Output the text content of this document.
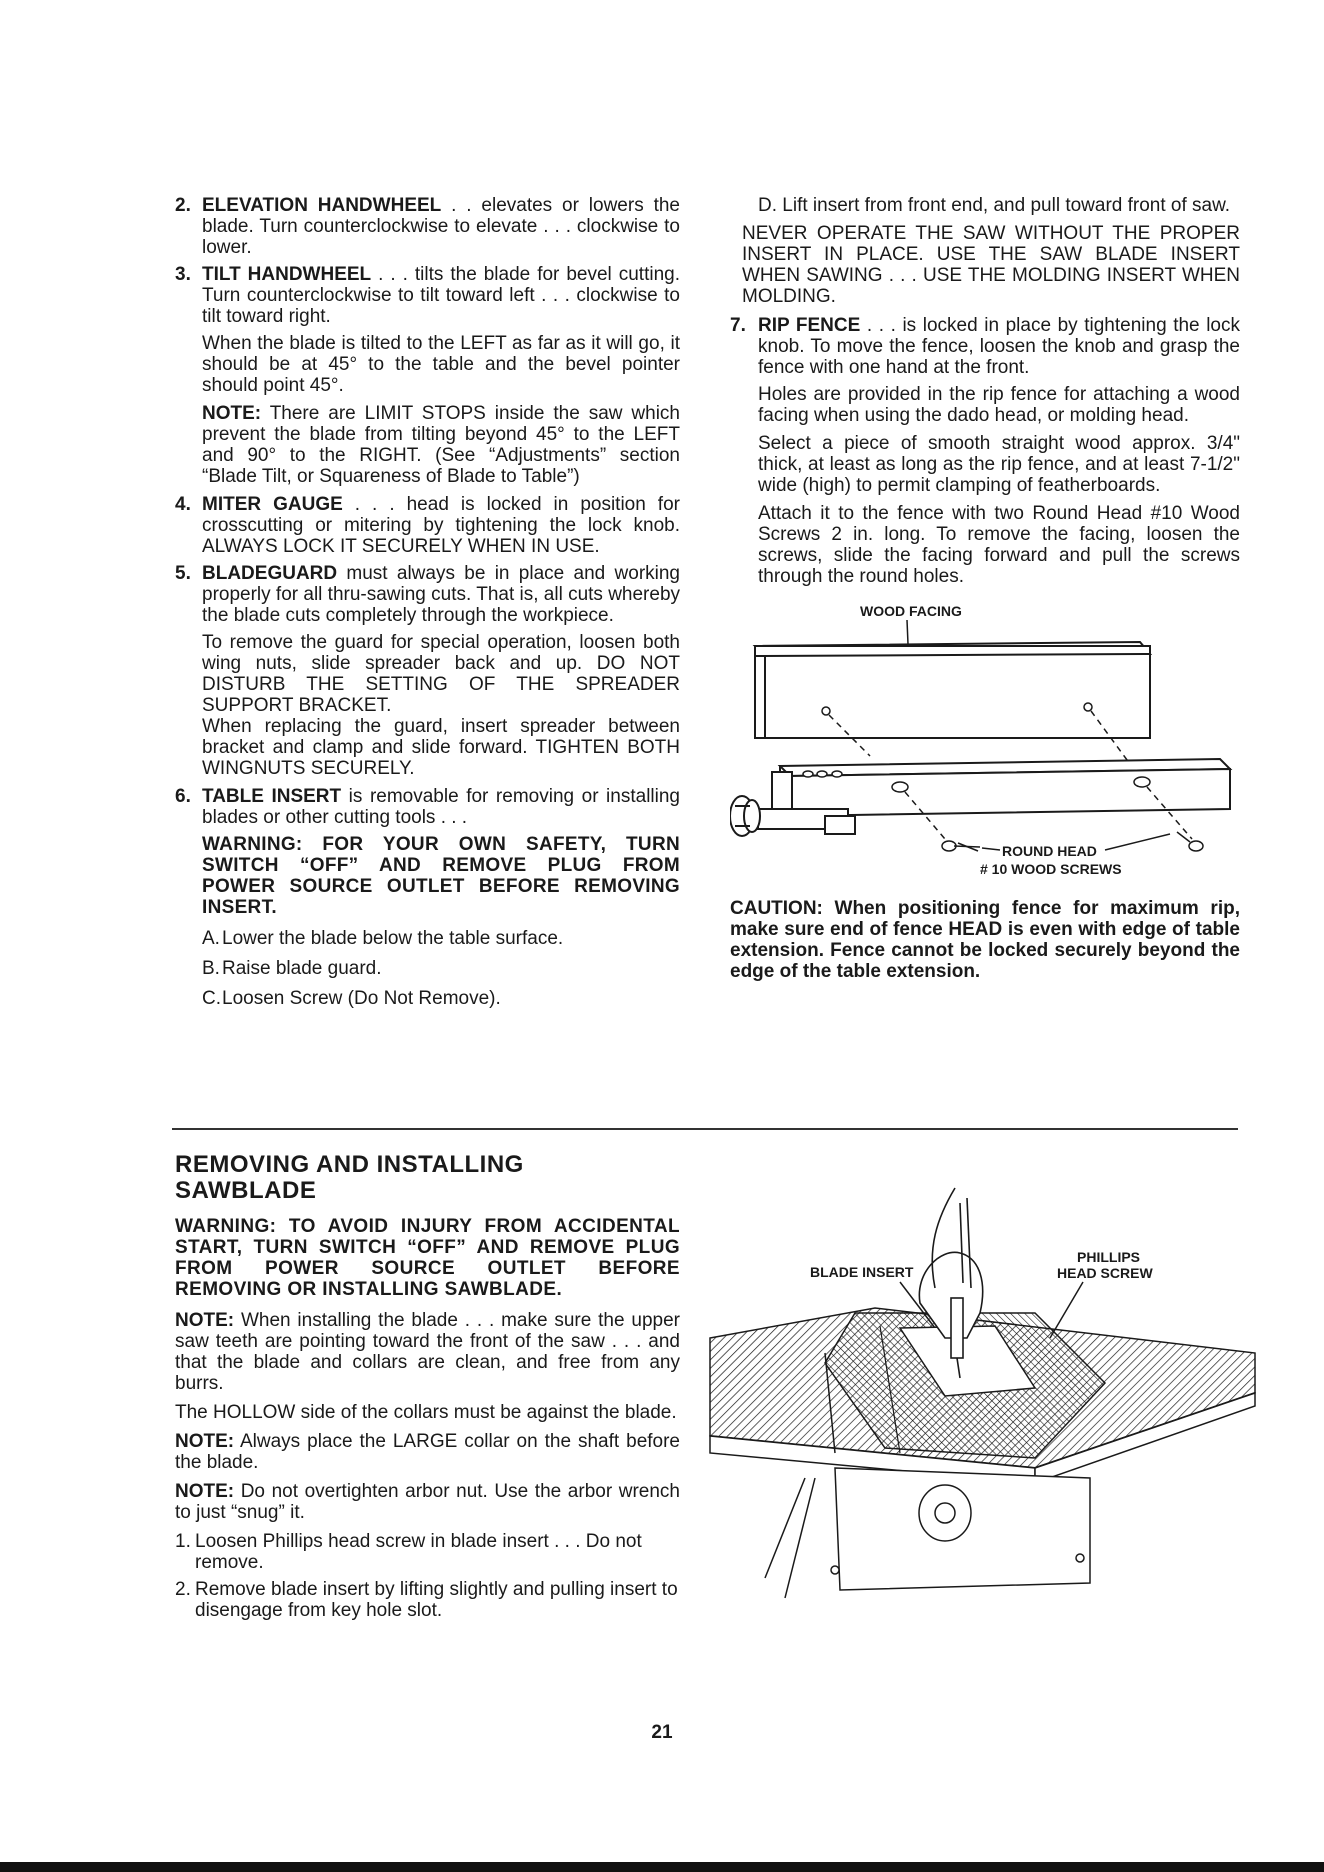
2. ELEVATION HANDWHEEL . . elevates or lowers the blade. Turn counterclockwise to elevate . . . clockwise to lower.
3. TILT HANDWHEEL . . . tilts the blade for bevel cutting. Turn counterclockwise to tilt toward left . . . clockwise to tilt toward right.
When the blade is tilted to the LEFT as far as it will go, it should be at 45° to the table and the bevel pointer should point 45°.
NOTE: There are LIMIT STOPS inside the saw which prevent the blade from tilting beyond 45° to the LEFT and 90° to the RIGHT. (See “Adjustments” section “Blade Tilt, or Squareness of Blade to Table”)
4. MITER GAUGE . . . head is locked in position for crosscutting or mitering by tightening the lock knob. ALWAYS LOCK IT SECURELY WHEN IN USE.
5. BLADEGUARD must always be in place and working properly for all thru-sawing cuts. That is, all cuts whereby the blade cuts completely through the workpiece.
To remove the guard for special operation, loosen both wing nuts, slide spreader back and up. DO NOT DISTURB THE SETTING OF THE SPREADER SUPPORT BRACKET.
When replacing the guard, insert spreader between bracket and clamp and slide forward. TIGHTEN BOTH WINGNUTS SECURELY.
6. TABLE INSERT is removable for removing or installing blades or other cutting tools . . .
WARNING: FOR YOUR OWN SAFETY, TURN SWITCH “OFF” AND REMOVE PLUG FROM POWER SOURCE OUTLET BEFORE REMOVING INSERT.
A. Lower the blade below the table surface.
B. Raise blade guard.
C.Loosen Screw (Do Not Remove).
D. Lift insert from front end, and pull toward front of saw.
NEVER OPERATE THE SAW WITHOUT THE PROPER INSERT IN PLACE. USE THE SAW BLADE INSERT WHEN SAWING . . . USE THE MOLDING INSERT WHEN MOLDING.
7. RIP FENCE . . . is locked in place by tightening the lock knob. To move the fence, loosen the knob and grasp the fence with one hand at the front.
Holes are provided in the rip fence for attaching a wood facing when using the dado head, or molding head.
Select a piece of smooth straight wood approx. 3/4" thick, at least as long as the rip fence, and at least 7-1/2" wide (high) to permit clamping of featherboards.
Attach it to the fence with two Round Head #10 Wood Screws 2 in. long. To remove the facing, loosen the screws, slide the facing forward and pull the screws through the round holes.
WOOD FACING
ROUND HEAD
# 10 WOOD SCREWS
CAUTION: When positioning fence for maximum rip, make sure end of fence HEAD is even with edge of table extension. Fence cannot be locked securely beyond the edge of the table extension.
REMOVING AND INSTALLING
SAWBLADE
WARNING: TO AVOID INJURY FROM ACCIDENTAL START, TURN SWITCH “OFF” AND REMOVE PLUG FROM POWER SOURCE OUTLET BEFORE REMOVING OR INSTALLING SAWBLADE.
NOTE: When installing the blade . . . make sure the upper saw teeth are pointing toward the front of the saw . . . and that the blade and collars are clean, and free from any burrs.
The HOLLOW side of the collars must be against the blade.
NOTE: Always place the LARGE collar on the shaft before the blade.
NOTE: Do not overtighten arbor nut. Use the arbor wrench to just “snug” it.
1. Loosen Phillips head screw in blade insert . . . Do not remove.
2. Remove blade insert by lifting slightly and pulling insert to disengage from key hole slot.
BLADE INSERT
PHILLIPS
HEAD SCREW
21
